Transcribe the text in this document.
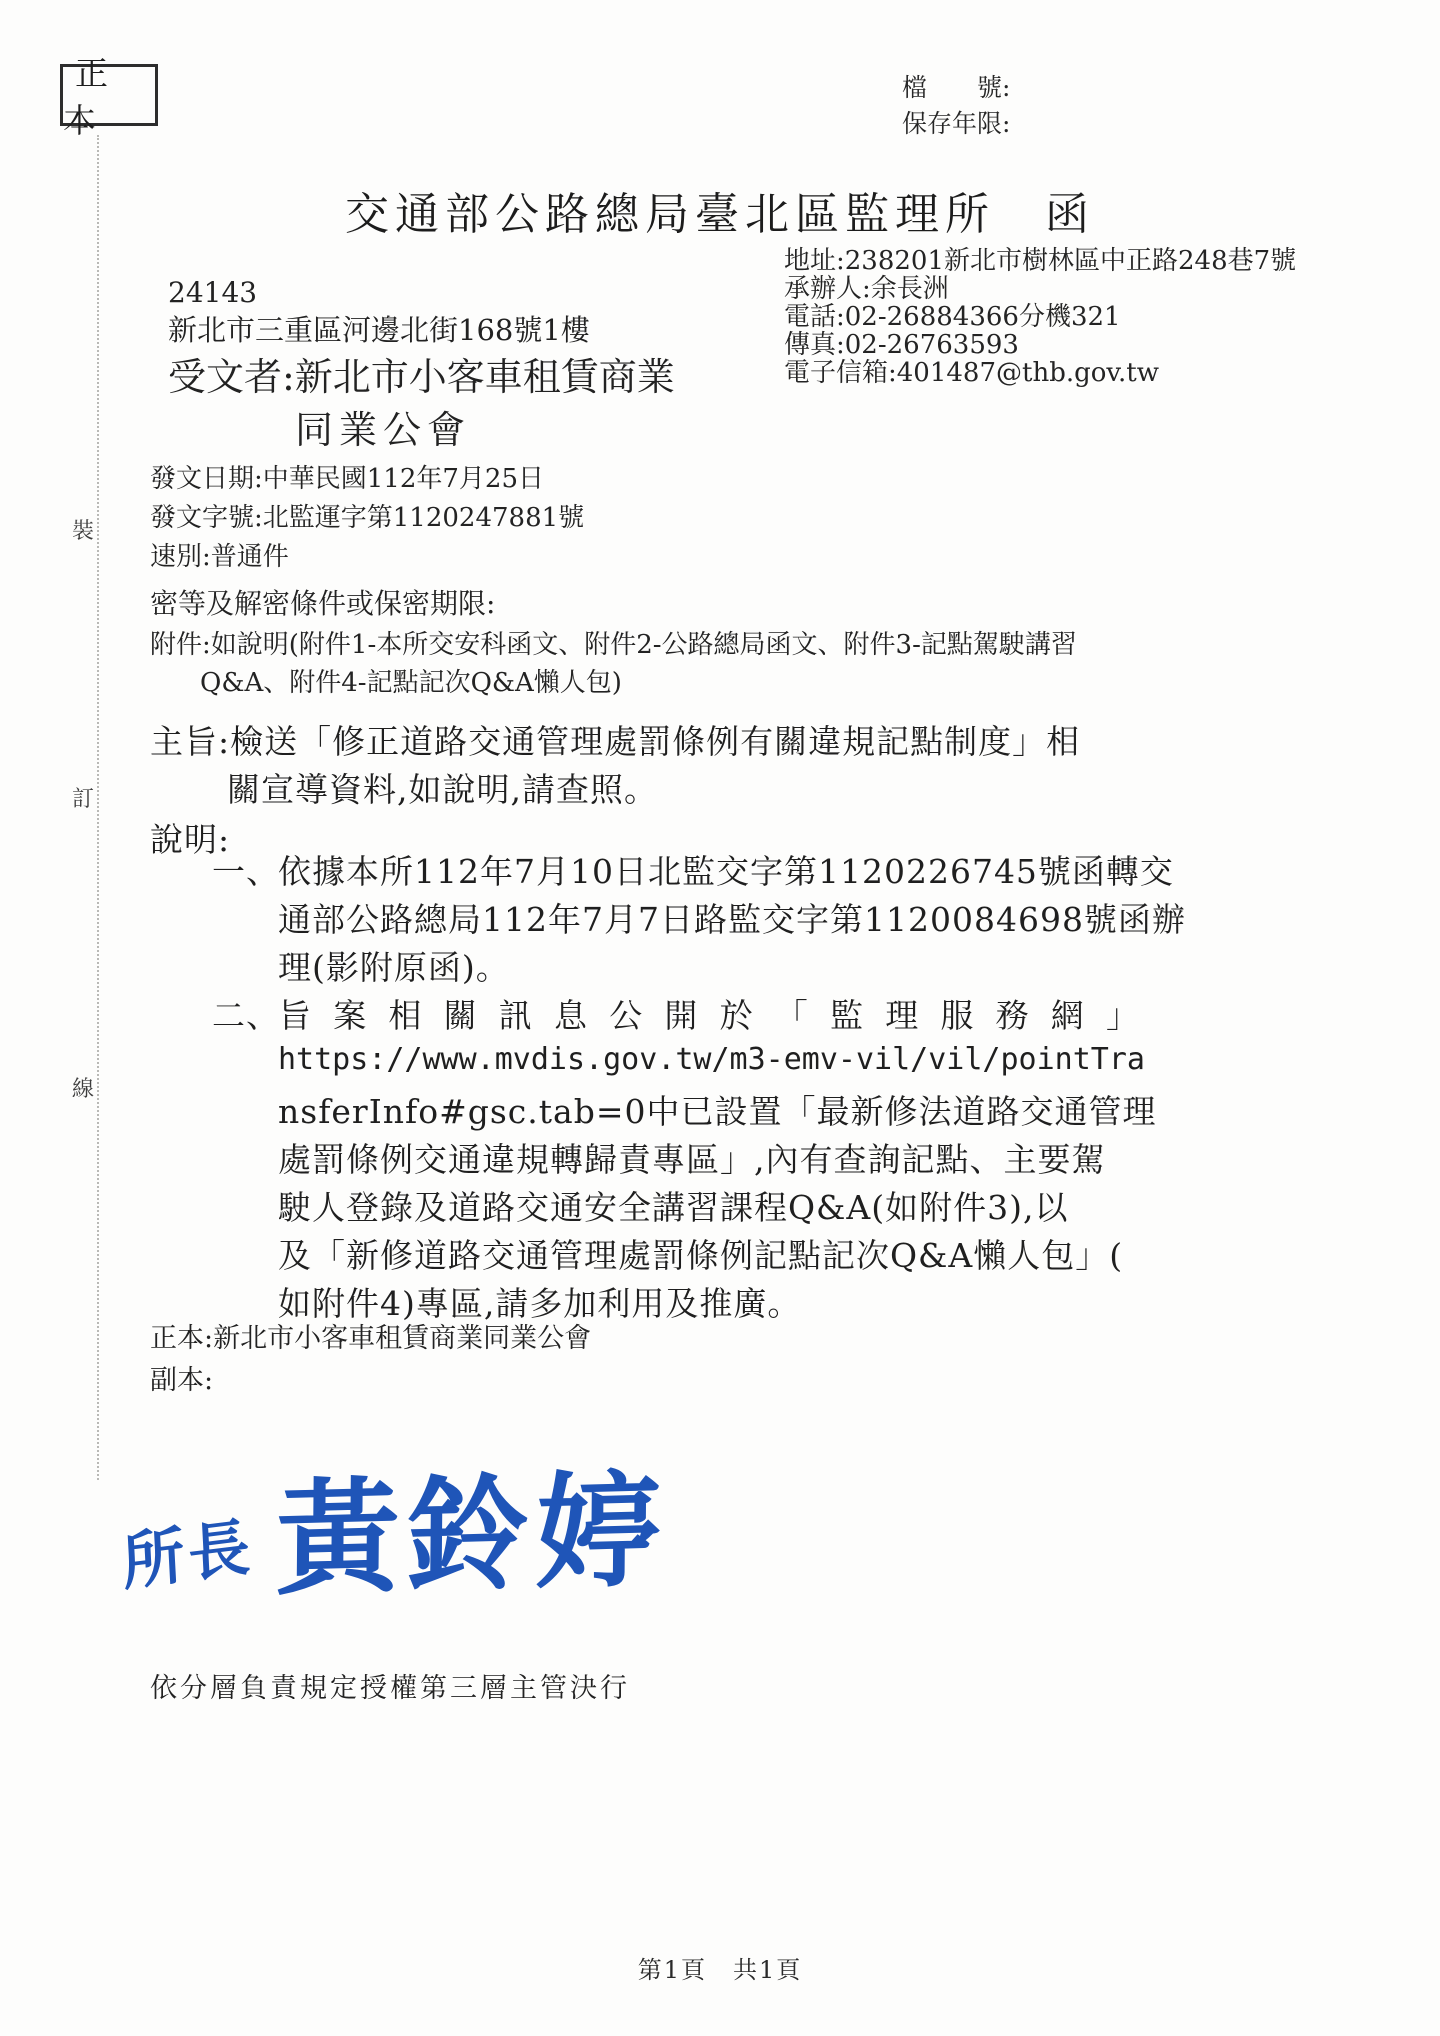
正本
檔　　號:
保存年限:
交通部公路總局臺北區監理所　函
地址:238201新北市樹林區中正路248巷7號
承辦人:余長洲
電話:02-26884366分機321
傳真:02-26763593
電子信箱:401487@thb.gov.tw
24143
新北市三重區河邊北街168號1樓
受文者:新北市小客車租賃商業
同業公會
發文日期:中華民國112年7月25日
發文字號:北監運字第1120247881號
速別:普通件
密等及解密條件或保密期限:
附件:如說明(附件1-本所交安科函文、附件2-公路總局函文、附件3-記點駕駛講習
Q&A、附件4-記點記次Q&A懶人包)
主旨:檢送「修正道路交通管理處罰條例有關違規記點制度」相
關宣導資料,如說明,請查照。
說明:
一、
依據本所112年7月10日北監交字第1120226745號函轉交
通部公路總局112年7月7日路監交字第1120084698號函辦
理(影附原函)。
二、
旨案相關訊息公開於「監理服務網」
https://www.mvdis.gov.tw/m3-emv-vil/vil/pointTra
nsferInfo#gsc.tab=0中已設置「最新修法道路交通管理
處罰條例交通違規轉歸責專區」,內有查詢記點、主要駕
駛人登錄及道路交通安全講習課程Q&A(如附件3),以
及「新修道路交通管理處罰條例記點記次Q&A懶人包」(
如附件4)專區,請多加利用及推廣。
正本:新北市小客車租賃商業同業公會
副本:
所長 黃鈴婷
依分層負責規定授權第三層主管決行
第1頁　共1頁
裝
訂
線
